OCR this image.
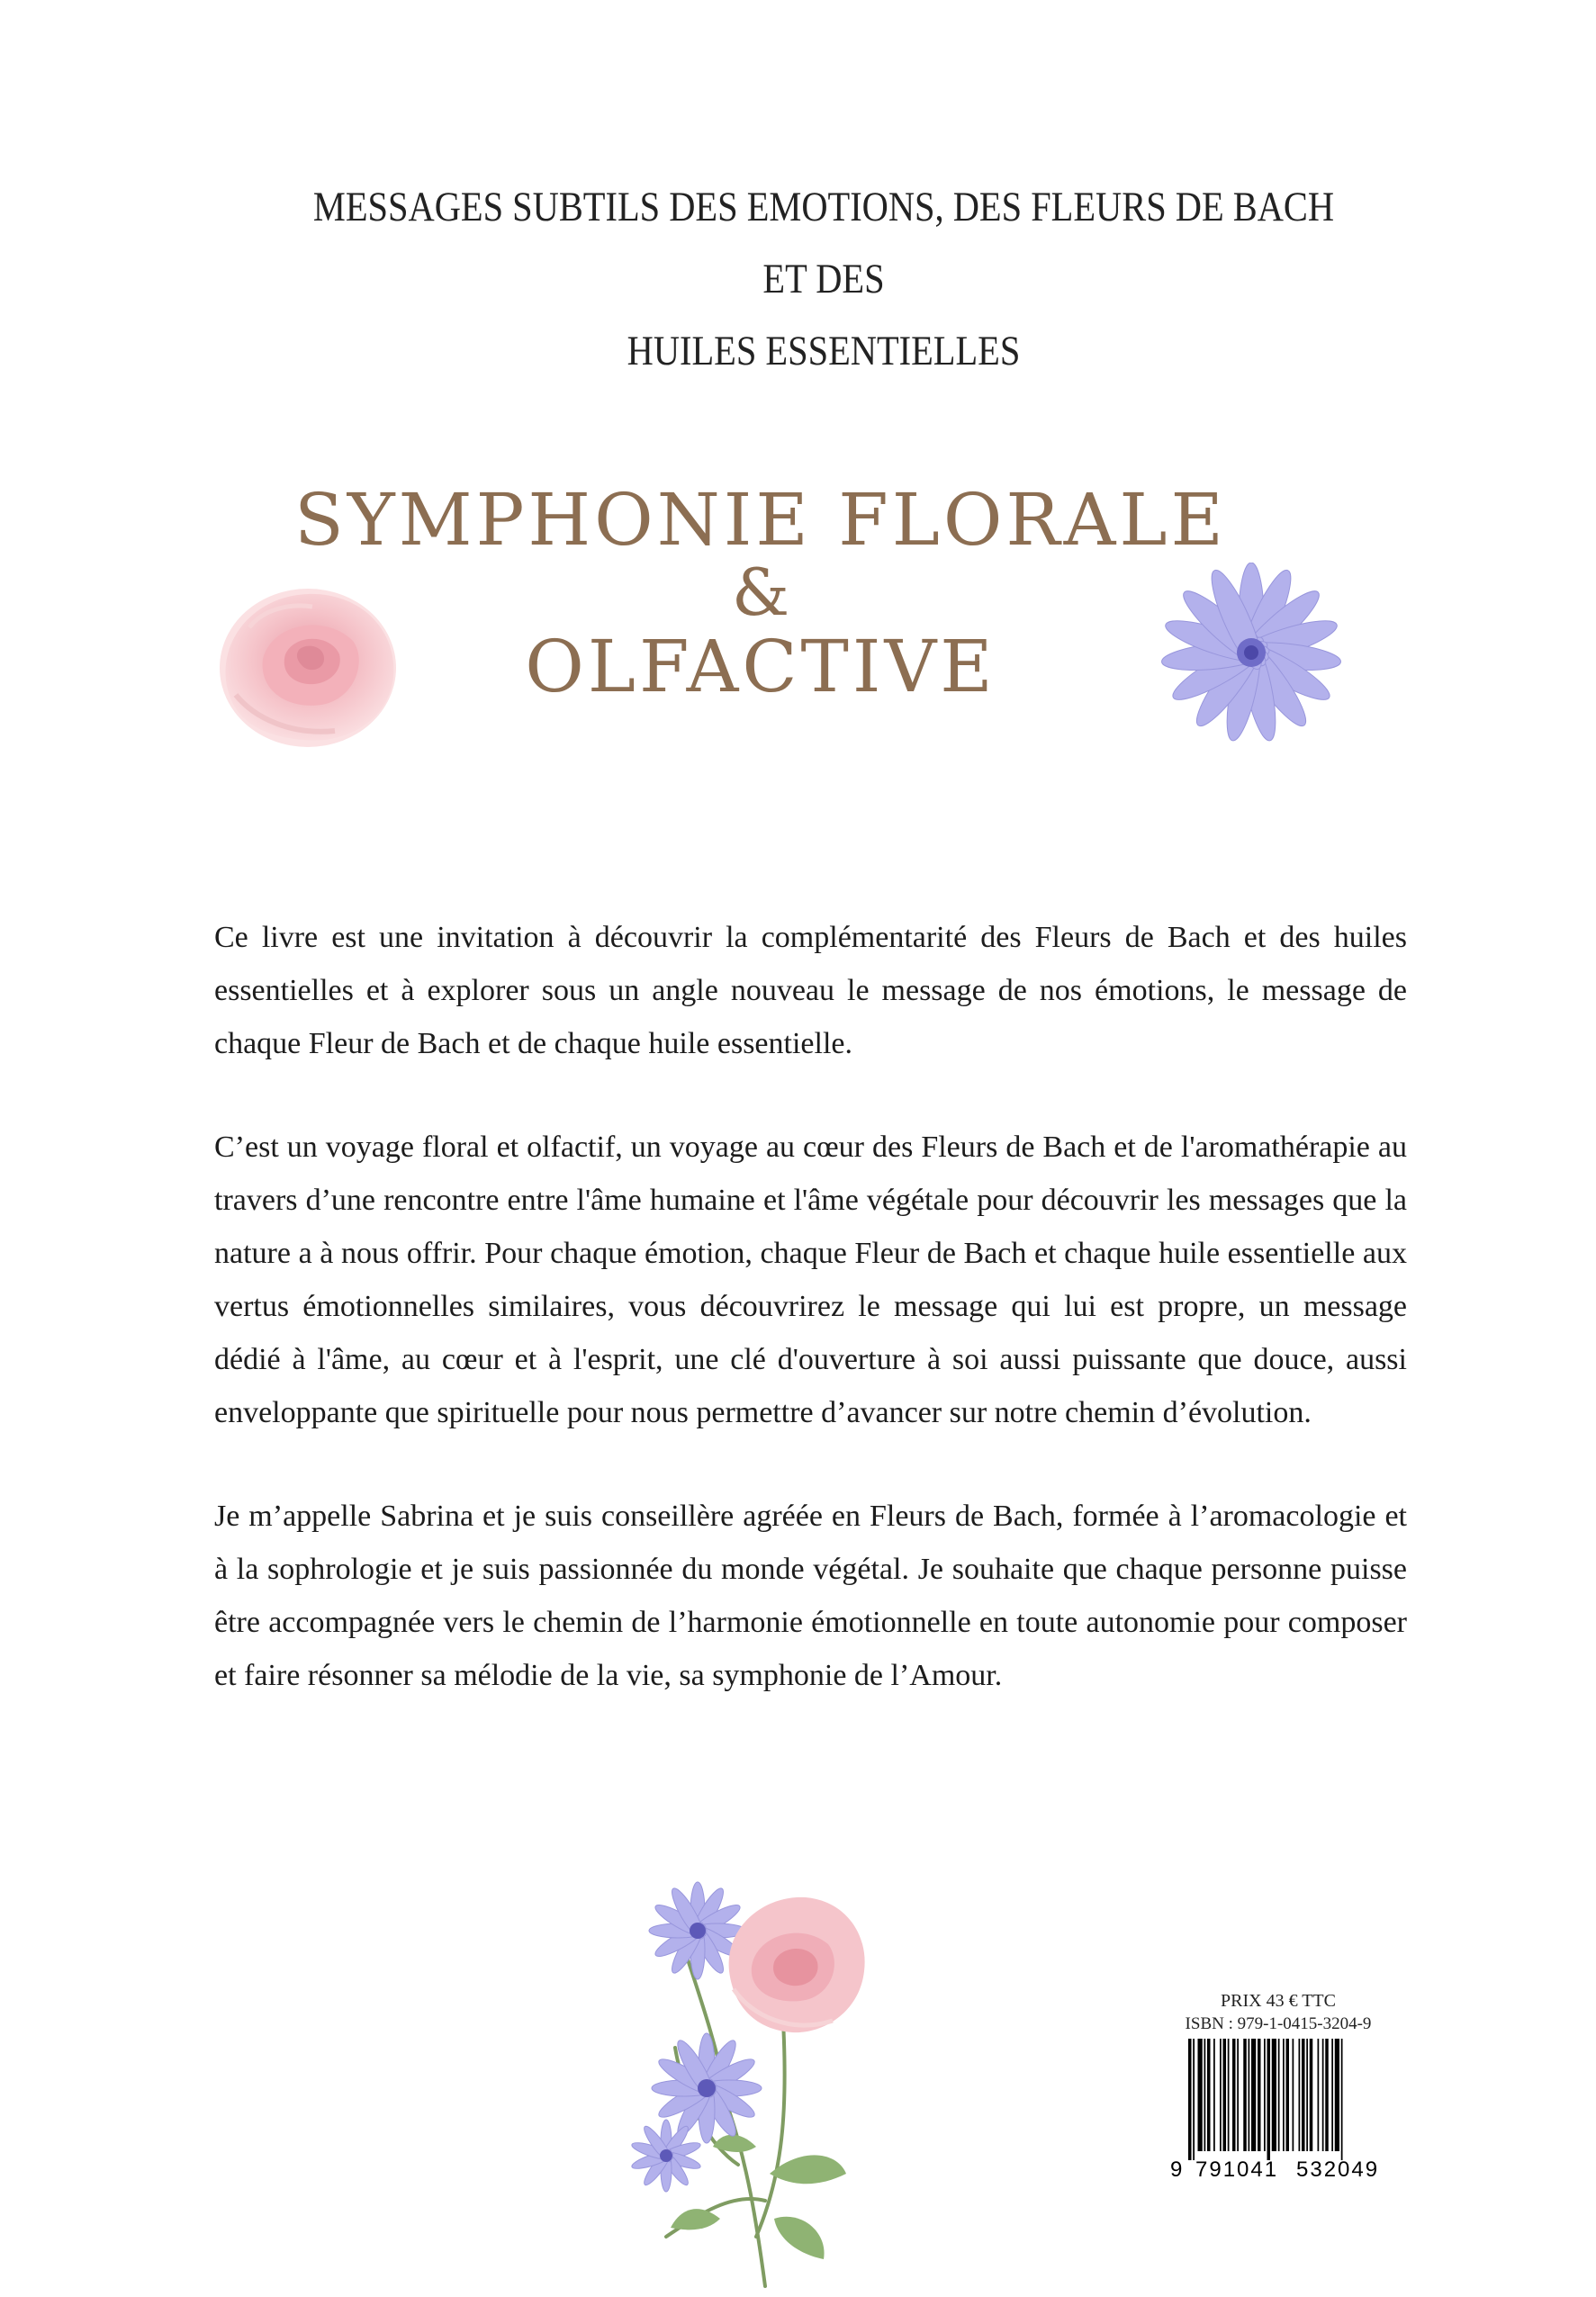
MESSAGES SUBTILS DES EMOTIONS, DES FLEURS DE BACH ET DES
HUILES ESSENTIELLES
SYMPHONIE FLORALE
&
OLFACTIVE

Ce livre est une invitation à découvrir la complémentarité des Fleurs de Bach et des huiles essentielles et à explorer sous un angle nouveau le message de nos émotions, le message de chaque Fleur de Bach et de chaque huile essentielle.

C’est un voyage floral et olfactif, un voyage au cœur des Fleurs de Bach et de l'aromathérapie au travers d’une rencontre entre l'âme humaine et l'âme végétale pour découvrir les messages que la nature a à nous offrir. Pour chaque émotion, chaque Fleur de Bach et chaque huile essentielle aux vertus émotionnelles similaires, vous découvrirez le message qui lui est propre, un message dédié à l'âme, au cœur et à l'esprit, une clé d'ouverture à soi aussi puissante que douce, aussi enveloppante que spirituelle pour nous permettre d’avancer sur notre chemin d’évolution.

Je m’appelle Sabrina et je suis conseillère agréée en Fleurs de Bach, formée à l’aromacologie et à la sophrologie et je suis passionnée du monde végétal. Je souhaite que chaque personne puisse être accompagnée vers le chemin de l’harmonie émotionnelle en toute autonomie pour composer et faire résonner sa mélodie de la vie, sa symphonie de l’Amour.

PRIX 43 € TTC
ISBN : 979-1-0415-3204-9
9 791041 532049
